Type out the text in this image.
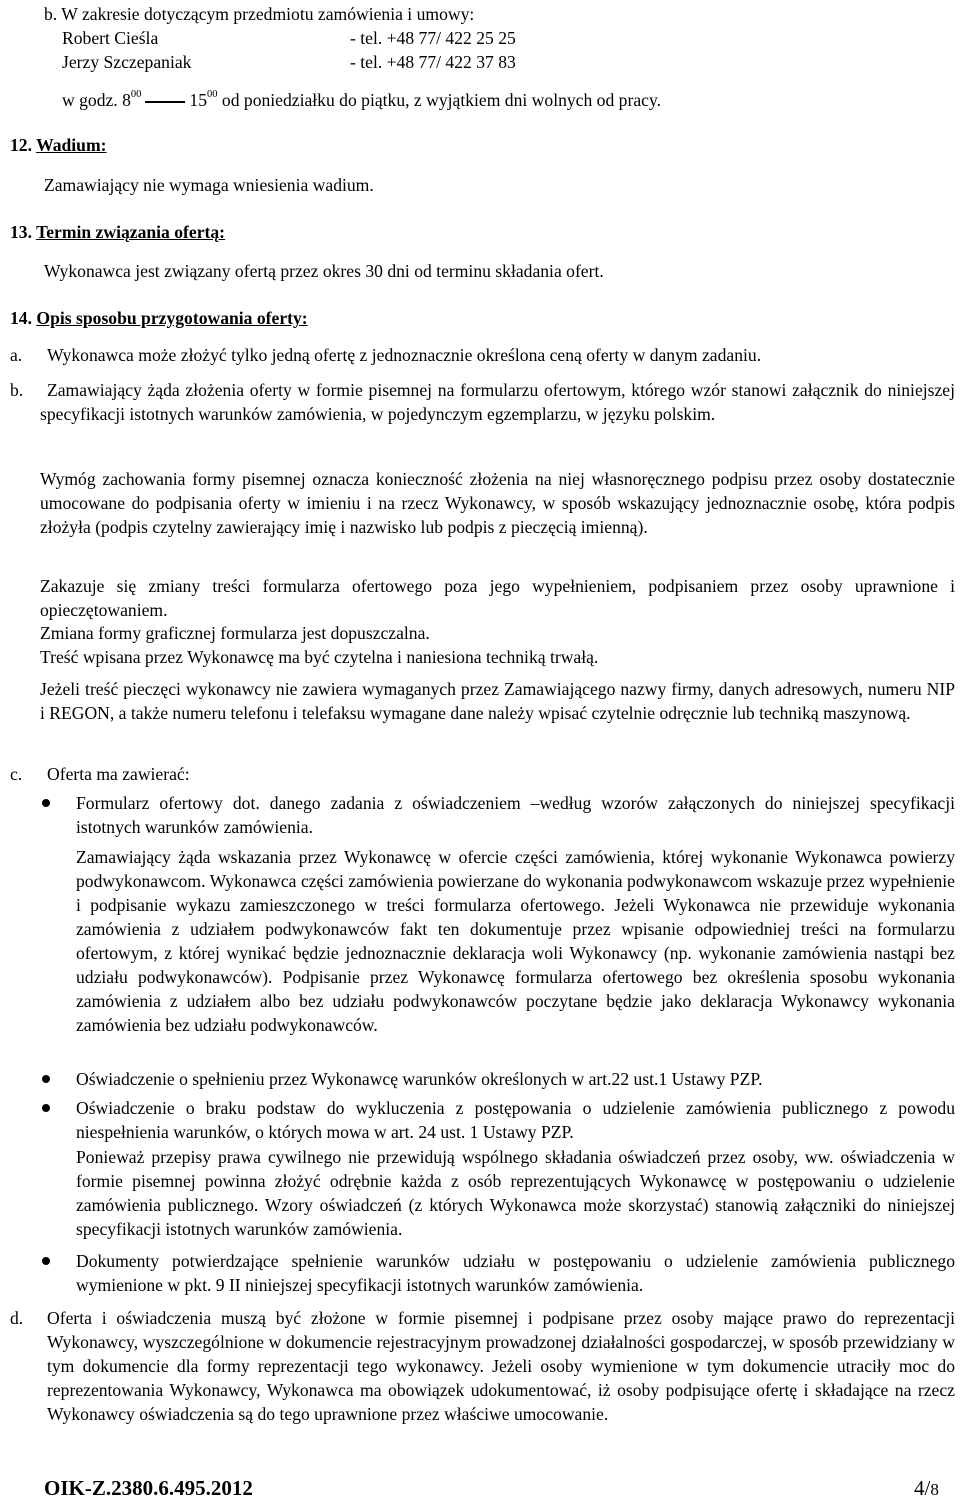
b. W zakresie dotyczącym przedmiotu zamówienia i umowy:
Robert Cieśla	- tel. +48 77/ 422 25 25
Jerzy Szczepaniak	- tel. +48 77/ 422 37 83
w godz. $8^{00}$	$15^{00}$ od poniedziałku do piątku, z wyjątkiem dni wolnych od pracy.
12. Wadium:
Zamawiający nie wymaga wniesienia wadium.
13. Termin związania ofertą:
Wykonawca jest związany ofertą przez okres 30 dni od terminu składania ofert.
14. Opis sposobu przygotowania oferty:
a. Wykonawca może złożyć tylko jedną ofertę z jednoznacznie określona ceną oferty w danym zadaniu.
b.	Zamawiający żąda złożenia oferty w formie pisemnej na formularzu ofertowym, którego wzór stanowi załącznik do niniejszej specyfikacji istotnych warunków zamówienia, w pojedynczym egzemplarzu, w języku polskim.
Wymóg zachowania formy pisemnej oznacza konieczność złożenia na niej własnoręcznego podpisu przez osoby dostatecznie umocowane do podpisania oferty w imieniu i na rzecz Wykonawcy, w sposób wskazujący jednoznacznie osobę, która podpis złożyła (podpis czytelny zawierający imię i nazwisko lub podpis z pieczęcią imienną).
Zakazuje się zmiany treści formularza ofertowego poza jego wypełnieniem, podpisaniem przez osoby uprawnione i opieczętowaniem.
Zmiana formy graficznej formularza jest dopuszczalna.
Treść wpisana przez Wykonawcę ma być czytelna i naniesiona techniką trwałą.
Jeżeli treść pieczęci wykonawcy nie zawiera wymaganych przez Zamawiającego nazwy firmy, danych adresowych, numeru NIP i REGON, a także numeru telefonu i telefaksu wymagane dane należy wpisać czytelnie odręcznie lub techniką maszynową.
c. Oferta ma zawierać:
Formularz ofertowy dot. danego zadania z oświadczeniem –według wzorów załączonych do niniejszej specyfikacji istotnych warunków zamówienia.
Zamawiający żąda wskazania przez Wykonawcę w ofercie części zamówienia, której wykonanie Wykonawca powierzy podwykonawcom. Wykonawca części zamówienia powierzane do wykonania podwykonawcom wskazuje przez wypełnienie i podpisanie wykazu zamieszczonego w treści formularza ofertowego. Jeżeli Wykonawca nie przewiduje wykonania zamówienia z udziałem podwykonawców fakt ten dokumentuje przez wpisanie odpowiedniej treści na formularzu ofertowym, z której wynikać będzie jednoznacznie deklaracja woli Wykonawcy (np. wykonanie zamówienia nastąpi bez udziału podwykonawców). Podpisanie przez Wykonawcę formularza ofertowego bez określenia sposobu wykonania zamówienia z udziałem albo bez udziału podwykonawców poczytane będzie jako deklaracja Wykonawcy wykonania zamówienia bez udziału podwykonawców.
Oświadczenie o spełnieniu przez Wykonawcę warunków określonych w art.22 ust.1 Ustawy PZP.
Oświadczenie o braku podstaw do wykluczenia z postępowania o udzielenie zamówienia publicznego z powodu niespełnienia warunków, o których mowa w art. 24 ust. 1 Ustawy PZP.
Ponieważ przepisy prawa cywilnego nie przewidują wspólnego składania oświadczeń przez osoby, ww. oświadczenia w formie pisemnej powinna złożyć odrębnie każda z osób reprezentujących Wykonawcę w postępowaniu o udzielenie zamówienia publicznego. Wzory oświadczeń (z których Wykonawca może skorzystać) stanowią załączniki do niniejszej specyfikacji istotnych warunków zamówienia.
Dokumenty potwierdzające spełnienie warunków udziału w postępowaniu o udzielenie zamówienia publicznego wymienione w pkt. 9 II niniejszej specyfikacji istotnych warunków zamówienia.
d. Oferta i oświadczenia muszą być złożone w formie pisemnej i podpisane przez osoby mające prawo do reprezentacji Wykonawcy, wyszczególnione w dokumencie rejestracyjnym prowadzonej działalności gospodarczej, w sposób przewidziany w tym dokumencie dla formy reprezentacji tego wykonawcy. Jeżeli osoby wymienione w tym dokumencie utraciły moc do reprezentowania Wykonawcy, Wykonawca ma obowiązek udokumentować, iż osoby podpisujące ofertę i składające na rzecz Wykonawcy oświadczenia są do tego uprawnione przez właściwe umocowanie.
OIK-Z.2380.6.495.2012	4/8
